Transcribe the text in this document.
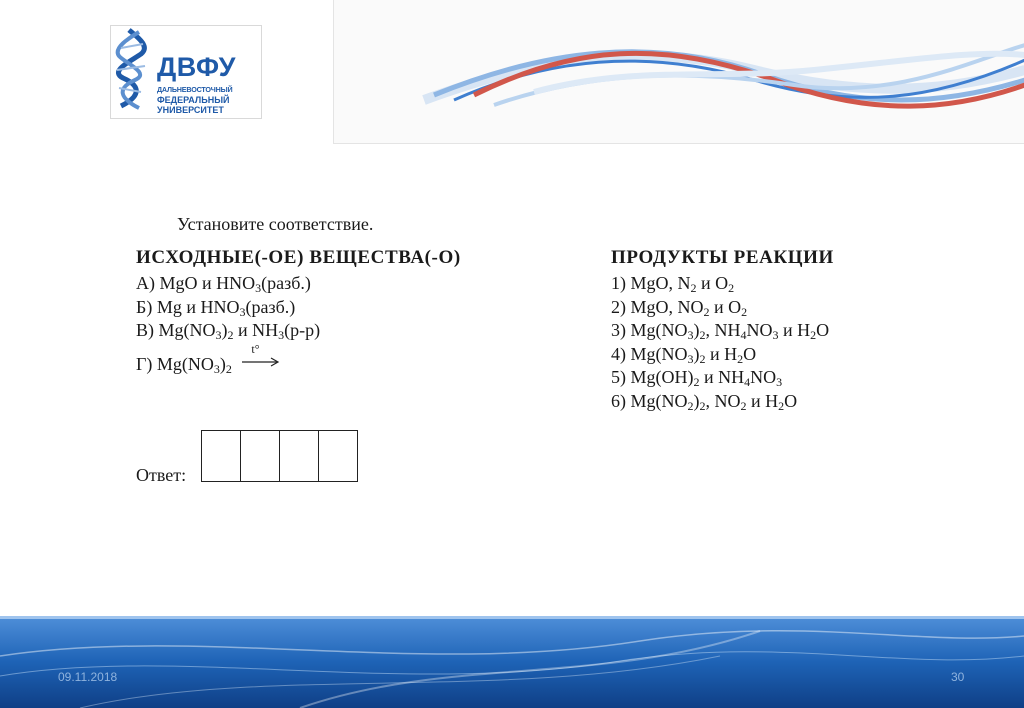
ДВФУ
ДАЛЬНЕВОСТОЧНЫЙ
ФЕДЕРАЛЬНЫЙ
УНИВЕРСИТЕТ
Установите соответствие.
ИСХОДНЫЕ(-ОЕ) ВЕЩЕСТВА(-О)
А) MgO и $HNO_3(разб.)$
Б) Mg и $HNO_3(разб.)$
В) $Mg(NO_3)_2$ и $NH_3(р-р)$
Г) $Mg(NO_3)_2$
t°
ПРОДУКТЫ РЕАКЦИИ
1) MgO, $N_2$ и $O_2$
2) MgO, $NO_2$ и $O_2$
3) $Mg(NO_3)_2$, $NH_4NO_3$ и $H_2O$
4) $Mg(NO_3)_2$ и $H_2O$
5) $Mg(OH)_2$ и $NH_4NO_3$
6) $Mg(NO_2)_2$, $NO_2$ и $H_2O$
Ответ:
09.11.2018	30
